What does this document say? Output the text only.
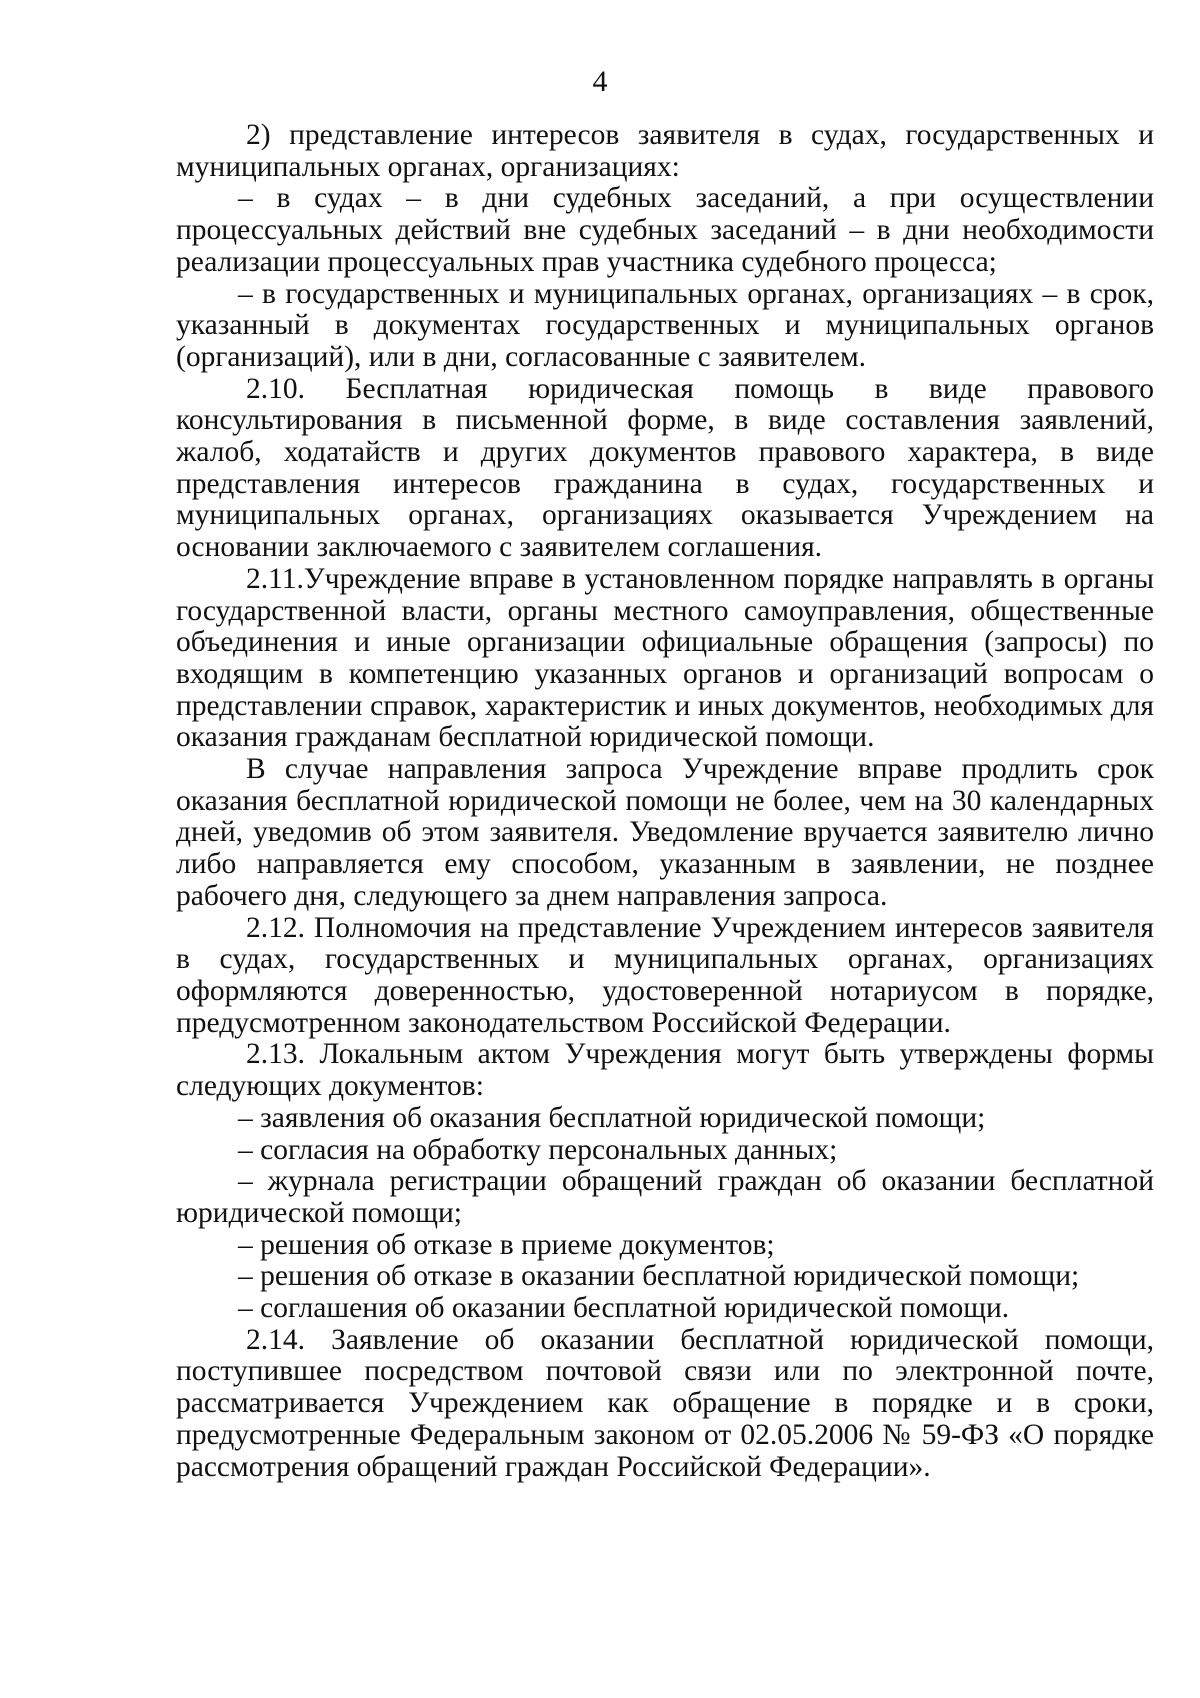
4

2) представление интересов заявителя в судах, государственных и муниципальных органах, организациях:

– в судах – в дни судебных заседаний, а при осуществлении процессуальных действий вне судебных заседаний – в дни необходимости реализации процессуальных прав участника судебного процесса;

– в государственных и муниципальных органах, организациях – в срок, указанный в документах государственных и муниципальных органов (организаций), или в дни, согласованные с заявителем.

2.10. Бесплатная юридическая помощь в виде правового консультирования в письменной форме, в виде составления заявлений, жалоб, ходатайств и других документов правового характера, в виде представления интересов гражданина в судах, государственных и муниципальных органах, организациях оказывается Учреждением на основании заключаемого с заявителем соглашения.

2.11.Учреждение вправе в установленном порядке направлять в органы государственной власти, органы местного самоуправления, общественные объединения и иные организации официальные обращения (запросы) по входящим в компетенцию указанных органов и организаций вопросам о представлении справок, характеристик и иных документов, необходимых для оказания гражданам бесплатной юридической помощи.

В случае направления запроса Учреждение вправе продлить срок оказания бесплатной юридической помощи не более, чем на 30 календарных дней, уведомив об этом заявителя. Уведомление вручается заявителю лично либо направляется ему способом, указанным в заявлении, не позднее рабочего дня, следующего за днем направления запроса.

2.12. Полномочия на представление Учреждением интересов заявителя в судах, государственных и муниципальных органах, организациях оформляются доверенностью, удостоверенной нотариусом в порядке, предусмотренном законодательством Российской Федерации.

2.13. Локальным актом Учреждения могут быть утверждены формы следующих документов:

– заявления об оказания бесплатной юридической помощи;

– согласия на обработку персональных данных;

– журнала регистрации обращений граждан об оказании бесплатной юридической помощи;

– решения об отказе в приеме документов;

– решения об отказе в оказании бесплатной юридической помощи;

– соглашения об оказании бесплатной юридической помощи.

2.14. Заявление об оказании бесплатной юридической помощи, поступившее посредством почтовой связи или по электронной почте, рассматривается Учреждением как обращение в порядке и в сроки, предусмотренные Федеральным законом от 02.05.2006 № 59-ФЗ «О порядке рассмотрения обращений граждан Российской Федерации».
